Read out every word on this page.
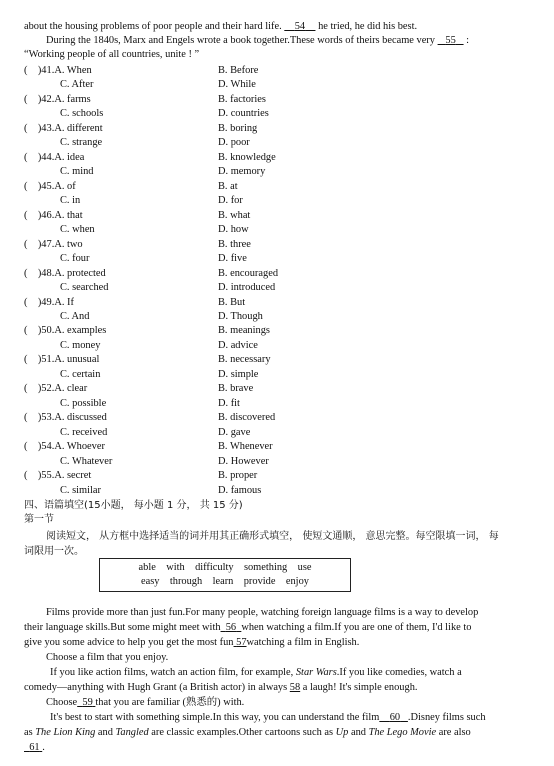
about the housing problems of poor people and their hard life. 54 he tried, he did his best.
During the 1840s, Marx and Engels wrote a book together.These words of theirs became very 55 :
“Working people of all countries, unite ! ”
(    )41.A. When	B. Before
C. After	D. While
(    )42.A. farms	B. factories
C. schools	D. countries
(    )43.A. different	B. boring
C. strange	D. poor
(    )44.A. idea	B. knowledge
C. mind	D. memory
(    )45.A. of	B. at
C. in	D. for
(    )46.A. that	B. what
C. when	D. how
(    )47.A. two	B. three
C. four	D. five
(    )48.A. protected	B. encouraged
C. searched	D. introduced
(    )49.A. If	B. But
C. And	D. Though
(    )50.A. examples	B. meanings
C. money	D. advice
(    )51.A. unusual	B. necessary
C. certain	D. simple
(    )52.A. clear	B. brave
C. possible	D. fit
(    )53.A. discussed	B. discovered
C. received	D. gave
(    )54.A. Whoever	B. Whenever
C. Whatever	D. However
(    )55.A. secret	B. proper
C. similar	D. famous
四、语篇填空(15小题， 每小题 1 分， 共 15 分)
第一节
阅读短文， 从方框中选择适当的词并用其正确形式填空， 使短文通顺， 意思完整。每空限填一词， 每
词限用一次。
able    with    difficulty    something    use
easy    through    learn    provide    enjoy
Films provide more than just fun.For many people, watching foreign language films is a way to develop
their language skills.But some might meet with 56 when watching a film.If you are one of them, I'd like to
give you some advice to help you get the most fun 57watching a film in English.
Choose a film that you enjoy.
If you like action films, watch an action film, for example, Star Wars.If you like comedies, watch a
comedy—anything with Hugh Grant (a British actor) in always 58 a laugh! It's simple enough.
Choose 59 that you are familiar (熟悉的) with.
It's best to start with something simple.In this way, you can understand the film 60 .Disney films such
as The Lion King and Tangled are classic examples.Other cartoons such as Up and The Lego Movie are also
61 .
